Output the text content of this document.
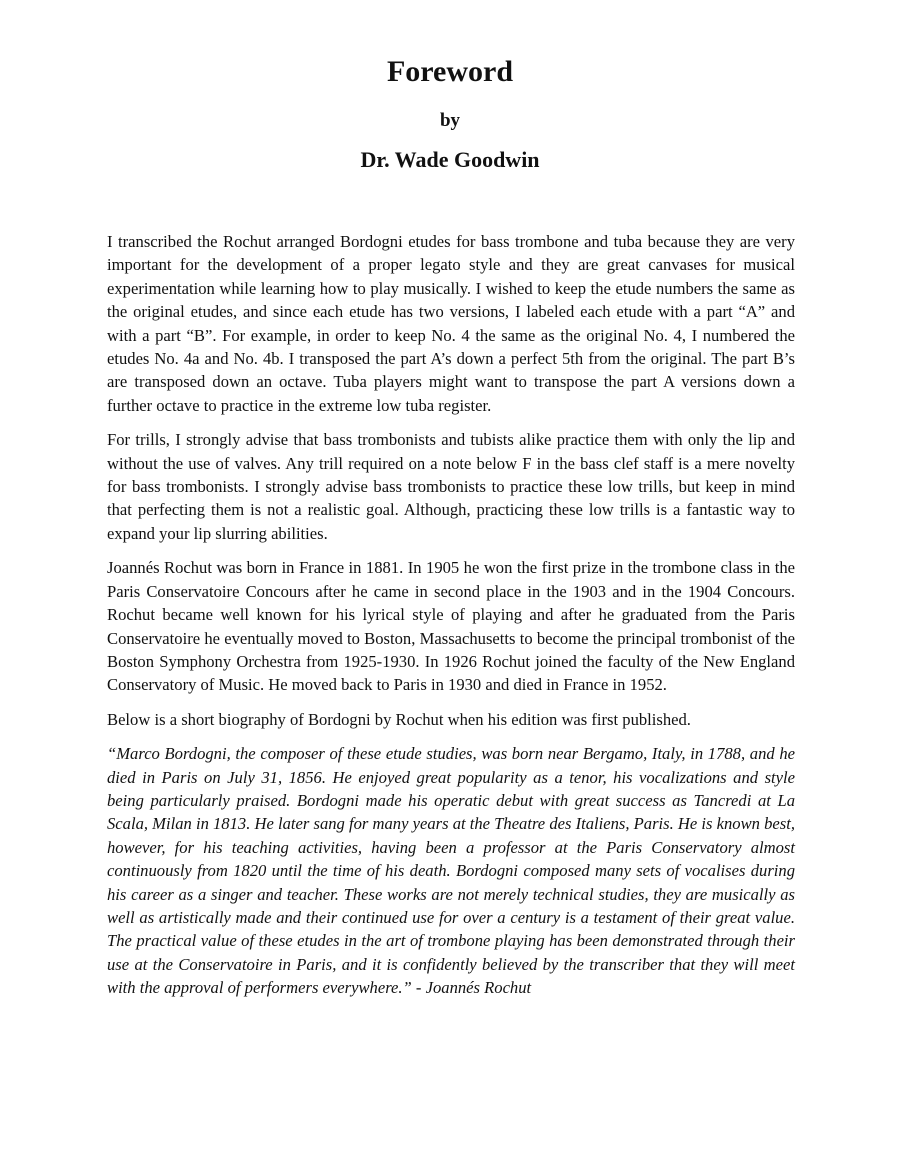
Foreword
by
Dr. Wade Goodwin

I transcribed the Rochut arranged Bordogni etudes for bass trombone and tuba because they are very important for the development of a proper legato style and they are great canvases for musical experimentation while learning how to play musically. I wished to keep the etude numbers the same as the original etudes, and since each etude has two versions, I labeled each etude with a part “A” and with a part “B”. For example, in order to keep No. 4 the same as the original No. 4, I numbered the etudes No. 4a and No. 4b. I transposed the part A’s down a perfect 5th from the original. The part B’s are transposed down an octave. Tuba players might want to transpose the part A versions down a further octave to practice in the extreme low tuba register.

For trills, I strongly advise that bass trombonists and tubists alike practice them with only the lip and without the use of valves. Any trill required on a note below F in the bass clef staff is a mere novelty for bass trombonists. I strongly advise bass trombonists to practice these low trills, but keep in mind that perfecting them is not a realistic goal. Although, practicing these low trills is a fantastic way to expand your lip slurring abilities.

Joannés Rochut was born in France in 1881. In 1905 he won the first prize in the trombone class in the Paris Conservatoire Concours after he came in second place in the 1903 and in the 1904 Concours. Rochut became well known for his lyrical style of playing and after he graduated from the Paris Conservatoire he eventually moved to Boston, Massachusetts to become the principal trombonist of the Boston Symphony Orchestra from 1925-1930. In 1926 Rochut joined the faculty of the New England Conservatory of Music. He moved back to Paris in 1930 and died in France in 1952.

Below is a short biography of Bordogni by Rochut when his edition was first published.

“Marco Bordogni, the composer of these etude studies, was born near Bergamo, Italy, in 1788, and he died in Paris on July 31, 1856. He enjoyed great popularity as a tenor, his vocalizations and style being particularly praised. Bordogni made his operatic debut with great success as Tancredi at La Scala, Milan in 1813. He later sang for many years at the Theatre des Italiens, Paris. He is known best, however, for his teaching activities, having been a professor at the Paris Conservatory almost continuously from 1820 until the time of his death. Bordogni composed many sets of vocalises during his career as a singer and teacher. These works are not merely technical studies, they are musically as well as artistically made and their continued use for over a century is a testament of their great value. The practical value of these etudes in the art of trombone playing has been demonstrated through their use at the Conservatoire in Paris, and it is confidently believed by the transcriber that they will meet with the approval of performers everywhere.” - Joannés Rochut
